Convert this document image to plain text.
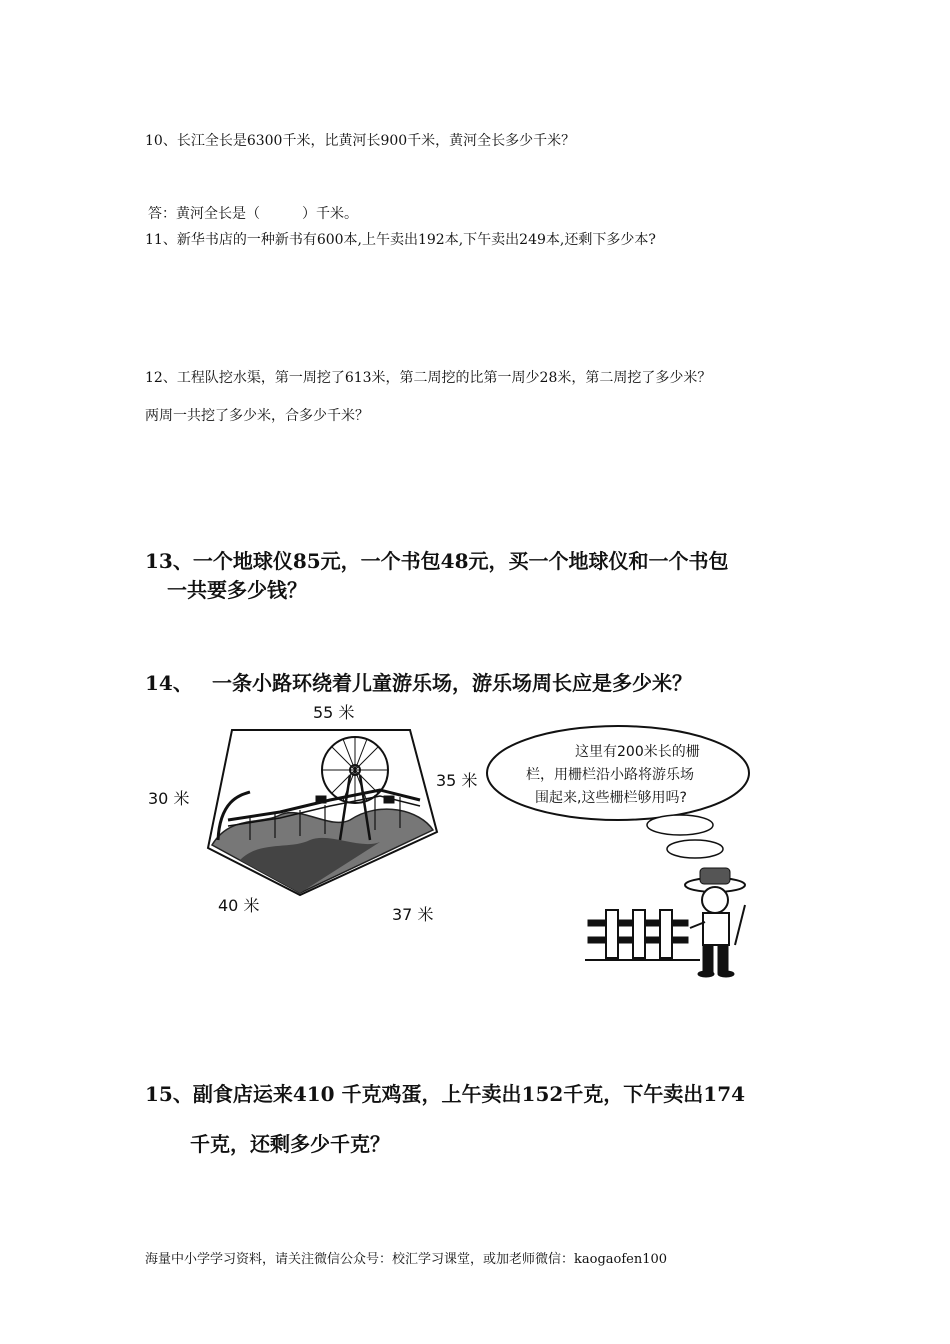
10、长江全长是6300千米，比黄河长900千米，黄河全长多少千米？
答：黄河全长是（　　　）千米。
11、新华书店的一种新书有600本,上午卖出192本,下午卖出249本,还剩下多少本?
12、工程队挖水渠，第一周挖了613米，第二周挖的比第一周少28米，第二周挖了多少米？
两周一共挖了多少米，合多少千米？
13、一个地球仪85元，一个书包48元，买一个地球仪和一个书包
一共要多少钱？
14、 一条小路环绕着儿童游乐场，游乐场周长应是多少米？
55 米
30 米
35 米
40 米	37 米
这里有200米长的栅
栏，用栅栏沿小路将游乐场
围起来,这些栅栏够用吗?
15、副食店运来410 千克鸡蛋，上午卖出152千克，下午卖出174
千克，还剩多少千克？
海量中小学学习资料，请关注微信公众号：校汇学习课堂，或加老师微信：kaogaofen100
